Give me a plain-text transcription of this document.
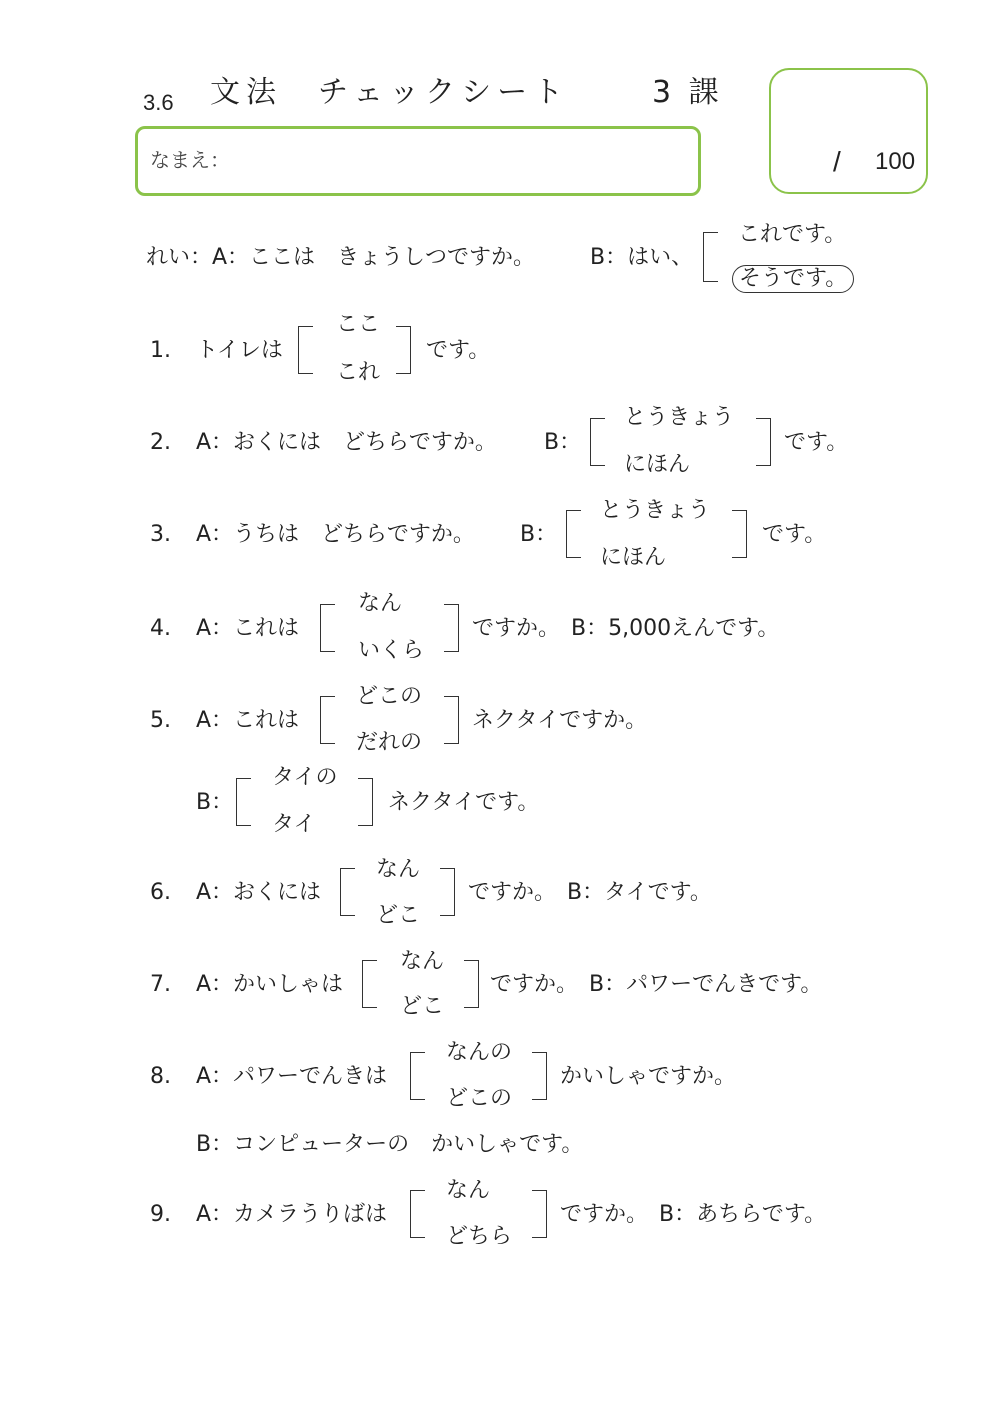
3.6 文法　チェックシート	3 課
なまえ：	/ 100
れい：A：ここは　きょうしつですか。 B：はい、
これです。
そうです。
1. トイレは
ここ
これ
です。
2. A：おくには　どちらですか。 B：
とうきょう
にほん
です。
3. A：うちは　どちらですか。 B：
とうきょう
にほん
です。
4. A：これは
なん
いくら
ですか。　B：5,000えんです。
5. A：これは
どこの
だれの
ネクタイですか。
B：
タイの
タイ
ネクタイです。
6. A：おくには
なん
どこ
ですか。　B：タイです。
7. A：かいしゃは
なん
どこ
ですか。　B：パワーでんきです。
8. A：パワーでんきは
なんの
どこの
かいしゃですか。
B：コンピューターの　かいしゃです。
9. A：カメラうりばは
なん
どちら
ですか。　B：あちらです。
